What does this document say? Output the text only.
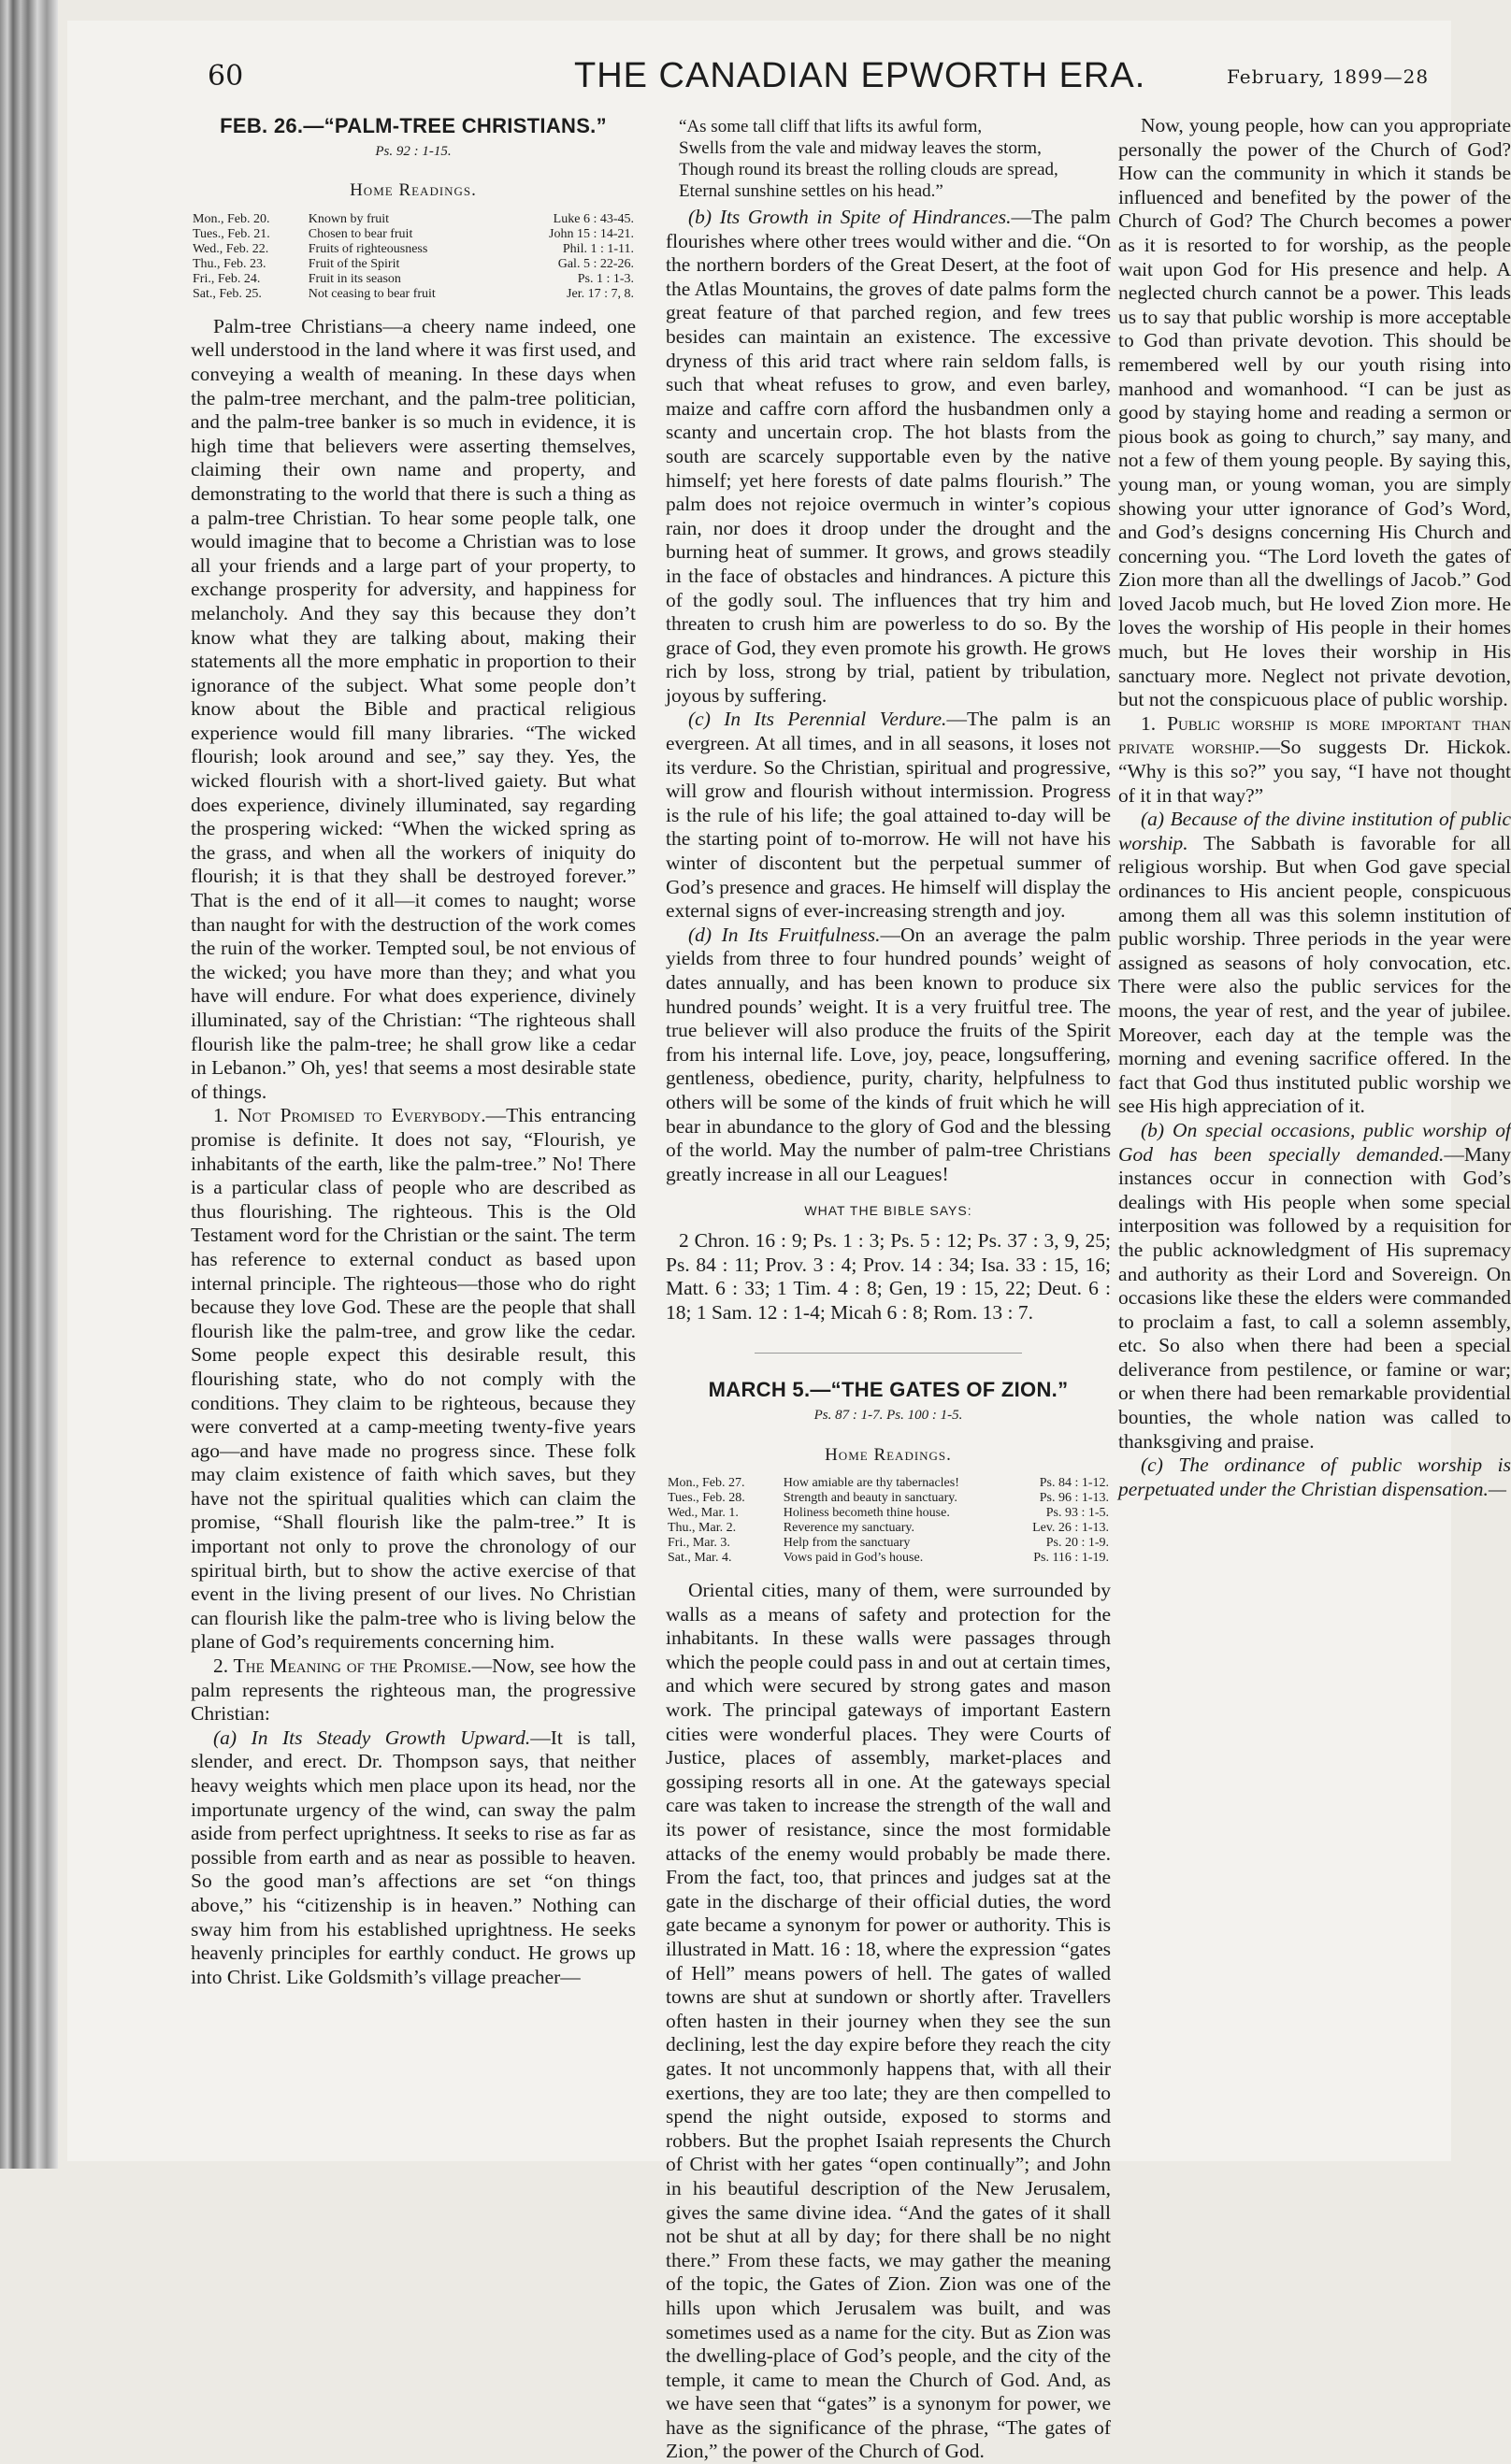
60	THE CANADIAN EPWORTH ERA.	February, 1899—28
FEB. 26.—“PALM-TREE CHRISTIANS.”
Ps. 92 : 1-15.
Home Readings.
Mon., Feb. 20.	Known by fruit	Luke 6 : 43-45.
Tues., Feb. 21.	Chosen to bear fruit	John 15 : 14-21.
Wed., Feb. 22.	Fruits of righteousness	Phil. 1 : 1-11.
Thu., Feb. 23.	Fruit of the Spirit	Gal. 5 : 22-26.
Fri., Feb. 24.	Fruit in its season	Ps. 1 : 1-3.
Sat., Feb. 25.	Not ceasing to bear fruit	Jer. 17 : 7, 8.

Palm-tree Christians—a cheery name indeed, one well understood in the land where it was first used, and conveying a wealth of meaning. In these days when the palm-tree merchant, and the palm-tree politician, and the palm-tree banker is so much in evidence, it is high time that believers were asserting themselves, claiming their own name and property, and demonstrating to the world that there is such a thing as a palm-tree Christian. To hear some people talk, one would imagine that to become a Christian was to lose all your friends and a large part of your property, to exchange prosperity for adversity, and happiness for melancholy. And they say this because they don’t know what they are talking about, making their statements all the more emphatic in proportion to their ignorance of the subject. What some people don’t know about the Bible and practical religious experience would fill many libraries. “The wicked flourish; look around and see,” say they. Yes, the wicked flourish with a short-lived gaiety. But what does experience, divinely illuminated, say regarding the prospering wicked: “When the wicked spring as the grass, and when all the workers of iniquity do flourish; it is that they shall be destroyed forever.” That is the end of it all—it comes to naught; worse than naught for with the destruction of the work comes the ruin of the worker. Tempted soul, be not envious of the wicked; you have more than they; and what you have will endure. For what does experience, divinely illuminated, say of the Christian: “The righteous shall flourish like the palm-tree; he shall grow like a cedar in Lebanon.” Oh, yes! that seems a most desirable state of things.

1. Not Promised to Everybody.—This entrancing promise is definite. It does not say, “Flourish, ye inhabitants of the earth, like the palm-tree.” No! There is a particular class of people who are described as thus flourishing. The righteous. This is the Old Testament word for the Christian or the saint. The term has reference to external conduct as based upon internal principle. The righteous—those who do right because they love God. These are the people that shall flourish like the palm-tree, and grow like the cedar. Some people expect this desirable result, this flourishing state, who do not comply with the conditions. They claim to be righteous, because they were converted at a camp-meeting twenty-five years ago—and have made no progress since. These folk may claim existence of faith which saves, but they have not the spiritual qualities which can claim the promise, “Shall flourish like the palm-tree.” It is important not only to prove the chronology of our spiritual birth, but to show the active exercise of that event in the living present of our lives. No Christian can flourish like the palm-tree who is living below the plane of God’s requirements concerning him.

2. The Meaning of the Promise.—Now, see how the palm represents the righteous man, the progressive Christian:

(a) In Its Steady Growth Upward.—It is tall, slender, and erect. Dr. Thompson says, that neither heavy weights which men place upon its head, nor the importunate urgency of the wind, can sway the palm aside from perfect uprightness. It seeks to rise as far as possible from earth and as near as possible to heaven. So the good man’s affections are set “on things above,” his “citizenship is in heaven.” Nothing can sway him from his established uprightness. He seeks heavenly principles for earthly conduct. He grows up into Christ. Like Goldsmith’s village preacher—

“As some tall cliff that lifts its awful form,
Swells from the vale and midway leaves the storm,
Though round its breast the rolling clouds are spread,
Eternal sunshine settles on his head.”

(b) Its Growth in Spite of Hindrances.—The palm flourishes where other trees would wither and die. “On the northern borders of the Great Desert, at the foot of the Atlas Mountains, the groves of date palms form the great feature of that parched region, and few trees besides can maintain an existence. The excessive dryness of this arid tract where rain seldom falls, is such that wheat refuses to grow, and even barley, maize and caffre corn afford the husbandmen only a scanty and uncertain crop. The hot blasts from the south are scarcely supportable even by the native himself; yet here forests of date palms flourish.” The palm does not rejoice overmuch in winter’s copious rain, nor does it droop under the drought and the burning heat of summer. It grows, and grows steadily in the face of obstacles and hindrances. A picture this of the godly soul. The influences that try him and threaten to crush him are powerless to do so. By the grace of God, they even promote his growth. He grows rich by loss, strong by trial, patient by tribulation, joyous by suffering.

(c) In Its Perennial Verdure.—The palm is an evergreen. At all times, and in all seasons, it loses not its verdure. So the Christian, spiritual and progressive, will grow and flourish without intermission. Progress is the rule of his life; the goal attained to-day will be the starting point of to-morrow. He will not have his winter of discontent but the perpetual summer of God’s presence and graces. He himself will display the external signs of ever-increasing strength and joy.

(d) In Its Fruitfulness.—On an average the palm yields from three to four hundred pounds’ weight of dates annually, and has been known to produce six hundred pounds’ weight. It is a very fruitful tree. The true believer will also produce the fruits of the Spirit from his internal life. Love, joy, peace, longsuffering, gentleness, obedience, purity, charity, helpfulness to others will be some of the kinds of fruit which he will bear in abundance to the glory of God and the blessing of the world. May the number of palm-tree Christians greatly increase in all our Leagues!

WHAT THE BIBLE SAYS:

2 Chron. 16 : 9; Ps. 1 : 3; Ps. 5 : 12; Ps. 37 : 3, 9, 25; Ps. 84 : 11; Prov. 3 : 4; Prov. 14 : 34; Isa. 33 : 15, 16; Matt. 6 : 33; 1 Tim. 4 : 8; Gen, 19 : 15, 22; Deut. 6 : 18; 1 Sam. 12 : 1-4; Micah 6 : 8; Rom. 13 : 7.

MARCH 5.—“THE GATES OF ZION.”
Ps. 87 : 1-7. Ps. 100 : 1-5.
Home Readings.
Mon., Feb. 27.	How amiable are thy tabernacles!	Ps. 84 : 1-12.
Tues., Feb. 28.	Strength and beauty in sanctuary.	Ps. 96 : 1-13.
Wed., Mar. 1.	Holiness becometh thine house.	Ps. 93 : 1-5.
Thu., Mar. 2.	Reverence my sanctuary.	Lev. 26 : 1-13.
Fri., Mar. 3.	Help from the sanctuary	Ps. 20 : 1-9.
Sat., Mar. 4.	Vows paid in God’s house.	Ps. 116 : 1-19.

Oriental cities, many of them, were surrounded by walls as a means of safety and protection for the inhabitants. In these walls were passages through which the people could pass in and out at certain times, and which were secured by strong gates and mason work. The principal gateways of important Eastern cities were wonderful places. They were Courts of Justice, places of assembly, market-places and gossiping resorts all in one. At the gateways special care was taken to increase the strength of the wall and its power of resistance, since the most formidable attacks of the enemy would probably be made there. From the fact, too, that princes and judges sat at the gate in the discharge of their official duties, the word gate became a synonym for power or authority. This is illustrated in Matt. 16 : 18, where the expression “gates of Hell” means powers of hell. The gates of walled towns are shut at sundown or shortly after. Travellers often hasten in their journey when they see the sun declining, lest the day expire before they reach the city gates. It not uncommonly happens that, with all their exertions, they are too late; they are then compelled to spend the night outside, exposed to storms and robbers. But the prophet Isaiah represents the Church of Christ with her gates “open continually”; and John in his beautiful description of the New Jerusalem, gives the same divine idea. “And the gates of it shall not be shut at all by day; for there shall be no night there.” From these facts, we may gather the meaning of the topic, the Gates of Zion. Zion was one of the hills upon which Jerusalem was built, and was sometimes used as a name for the city. But as Zion was the dwelling-place of God’s people, and the city of the temple, it came to mean the Church of God. And, as we have seen that “gates” is a synonym for power, we have as the significance of the phrase, “The gates of Zion,” the power of the Church of God.

Now, young people, how can you appropriate personally the power of the Church of God? How can the community in which it stands be influenced and benefited by the power of the Church of God? The Church becomes a power as it is resorted to for worship, as the people wait upon God for His presence and help. A neglected church cannot be a power. This leads us to say that public worship is more acceptable to God than private devotion. This should be remembered well by our youth rising into manhood and womanhood. “I can be just as good by staying home and reading a sermon or pious book as going to church,” say many, and not a few of them young people. By saying this, young man, or young woman, you are simply showing your utter ignorance of God’s Word, and God’s designs concerning His Church and concerning you. “The Lord loveth the gates of Zion more than all the dwellings of Jacob.” God loved Jacob much, but He loved Zion more. He loves the worship of His people in their homes much, but He loves their worship in His sanctuary more. Neglect not private devotion, but not the conspicuous place of public worship.

1. Public worship is more important than private worship.—So suggests Dr. Hickok. “Why is this so?” you say, “I have not thought of it in that way?”

(a) Because of the divine institution of public worship. The Sabbath is favorable for all religious worship. But when God gave special ordinances to His ancient people, conspicuous among them all was this solemn institution of public worship. Three periods in the year were assigned as seasons of holy convocation, etc. There were also the public services for the moons, the year of rest, and the year of jubilee. Moreover, each day at the temple was the morning and evening sacrifice offered. In the fact that God thus instituted public worship we see His high appreciation of it.

(b) On special occasions, public worship of God has been specially demanded.—Many instances occur in connection with God’s dealings with His people when some special interposition was followed by a requisition for the public acknowledgment of His supremacy and authority as their Lord and Sovereign. On occasions like these the elders were commanded to proclaim a fast, to call a solemn assembly, etc. So also when there had been a special deliverance from pestilence, or famine or war; or when there had been remarkable providential bounties, the whole nation was called to thanksgiving and praise.

(c) The ordinance of public worship is perpetuated under the Christian dispensation.—
